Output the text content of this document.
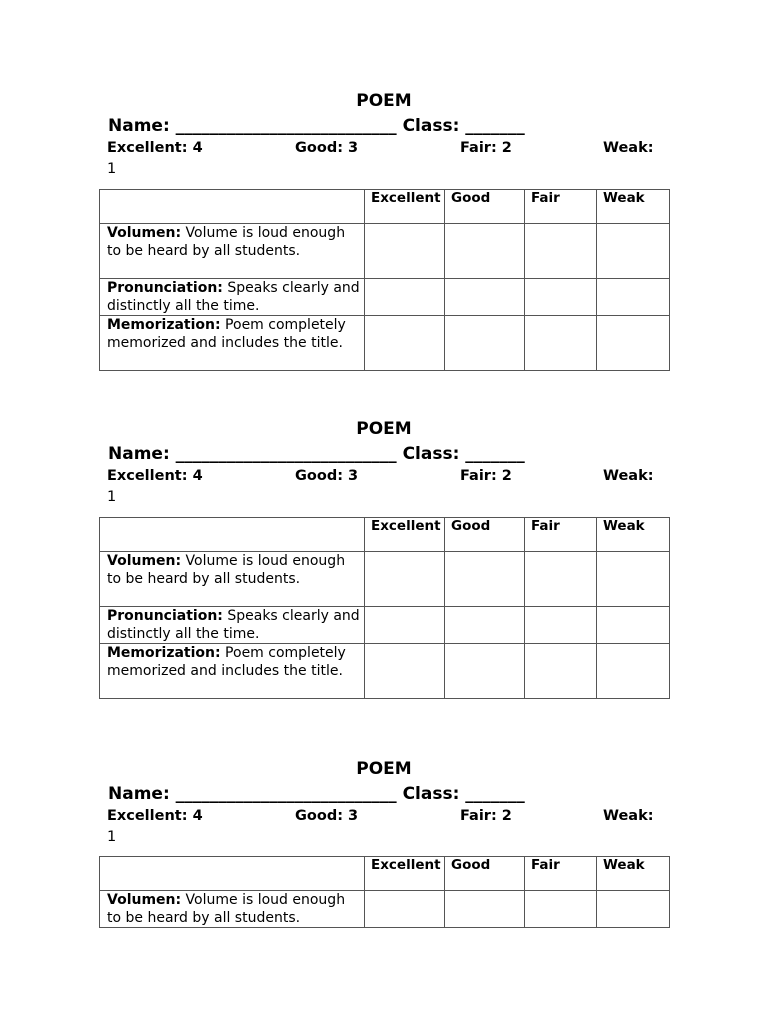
POEM
Name: __________________________ Class: _______
Excellent: 4	Good: 3	Fair: 2	Weak:
1
	Excellent	Good	Fair	Weak
Volumen: Volume is loud enough to be heard by all students.				
Pronunciation: Speaks clearly and distinctly all the time.				
Memorization: Poem completely memorized and includes the title.				
POEM
Name: __________________________ Class: _______
Excellent: 4	Good: 3	Fair: 2	Weak:
1
	Excellent	Good	Fair	Weak
Volumen: Volume is loud enough to be heard by all students.				
Pronunciation: Speaks clearly and distinctly all the time.				
Memorization: Poem completely memorized and includes the title.				
POEM
Name: __________________________ Class: _______
Excellent: 4	Good: 3	Fair: 2	Weak:
1
	Excellent	Good	Fair	Weak

Volumen: Volume is loud enough to be heard by all students.				
